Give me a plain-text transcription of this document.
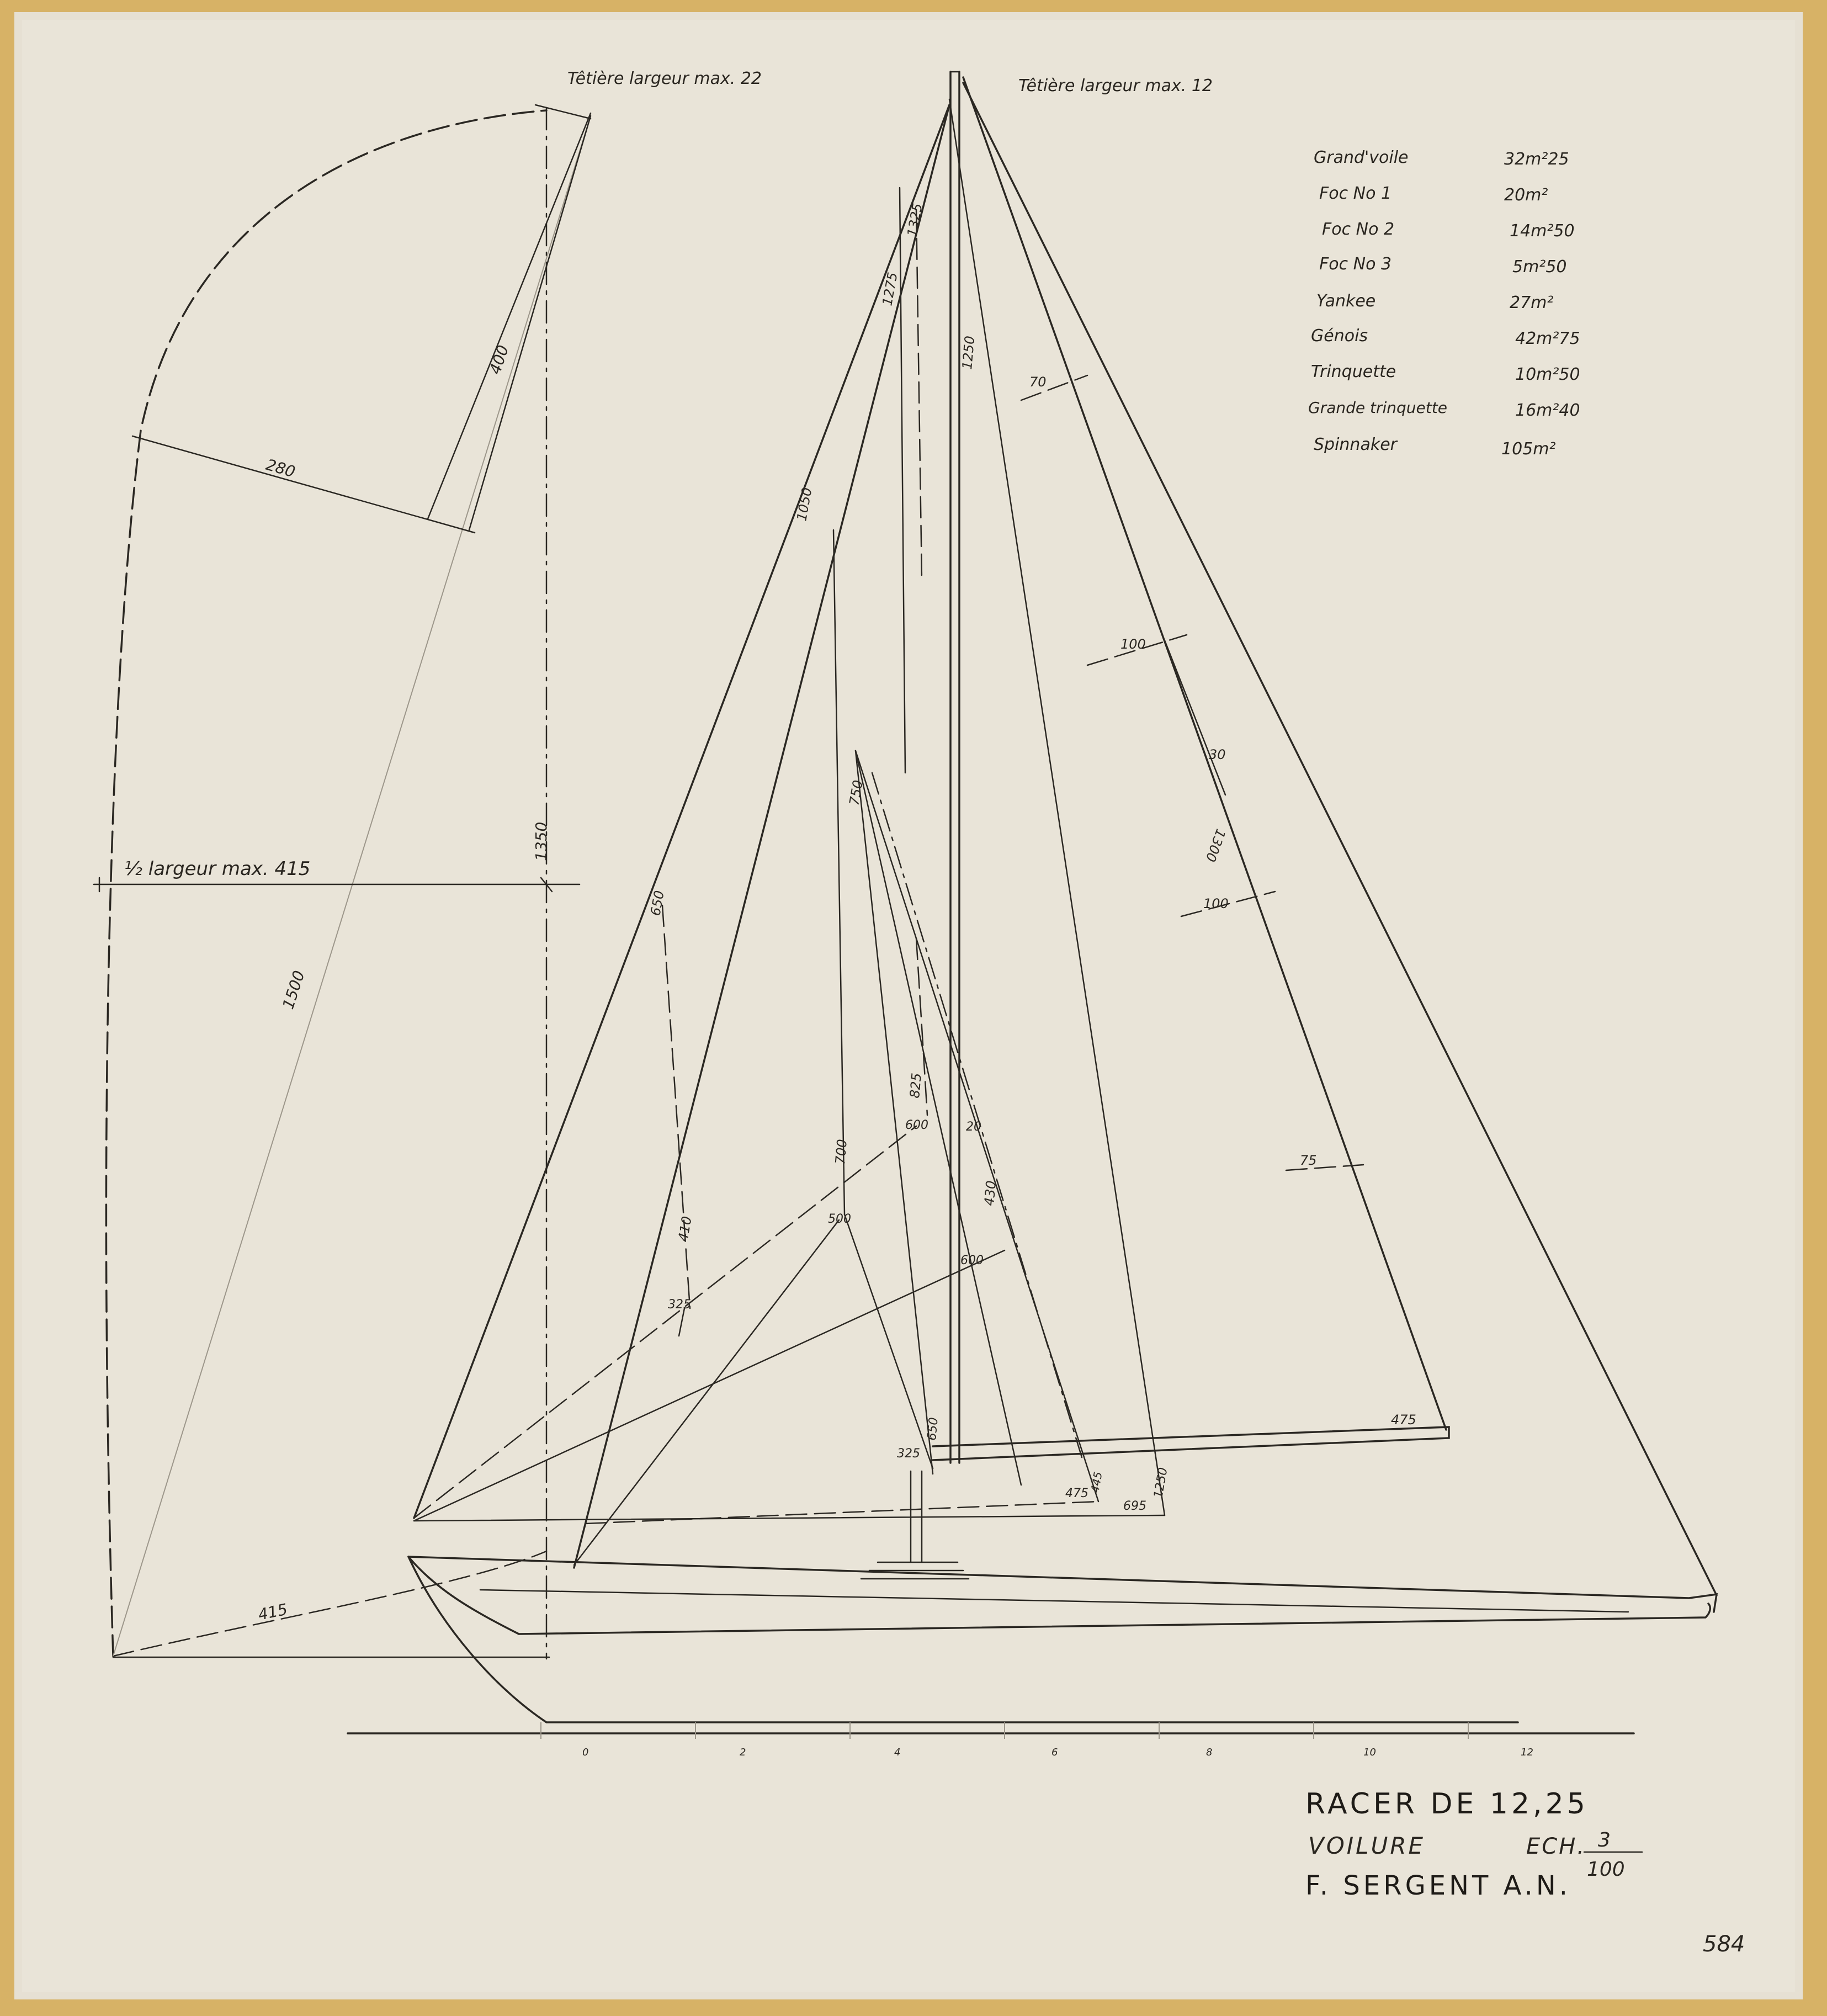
Têtière largeur max. 22	Têtière largeur max. 12
½ largeur max. 415
280
400
1350
1500
415
1325
1275
1250
1050
70
100
30
1300
100
75
475
750
650
410
325
700
500
825
600	20
430
600
325
650
475 445
695
1250
0	2	4	6	8	10	12
Grand'voile	32m²25
Foc No 1	20m²
Foc No 2	14m²50
Foc No 3	5m²50
Yankee	27m²
Génois	42m²75
Trinquette	10m²50
Grande trinquette	16m²40
Spinnaker	105m²
RACER DE 12,25
VOILURE	ECH. 3
100
F. SERGENT A.N.
584
